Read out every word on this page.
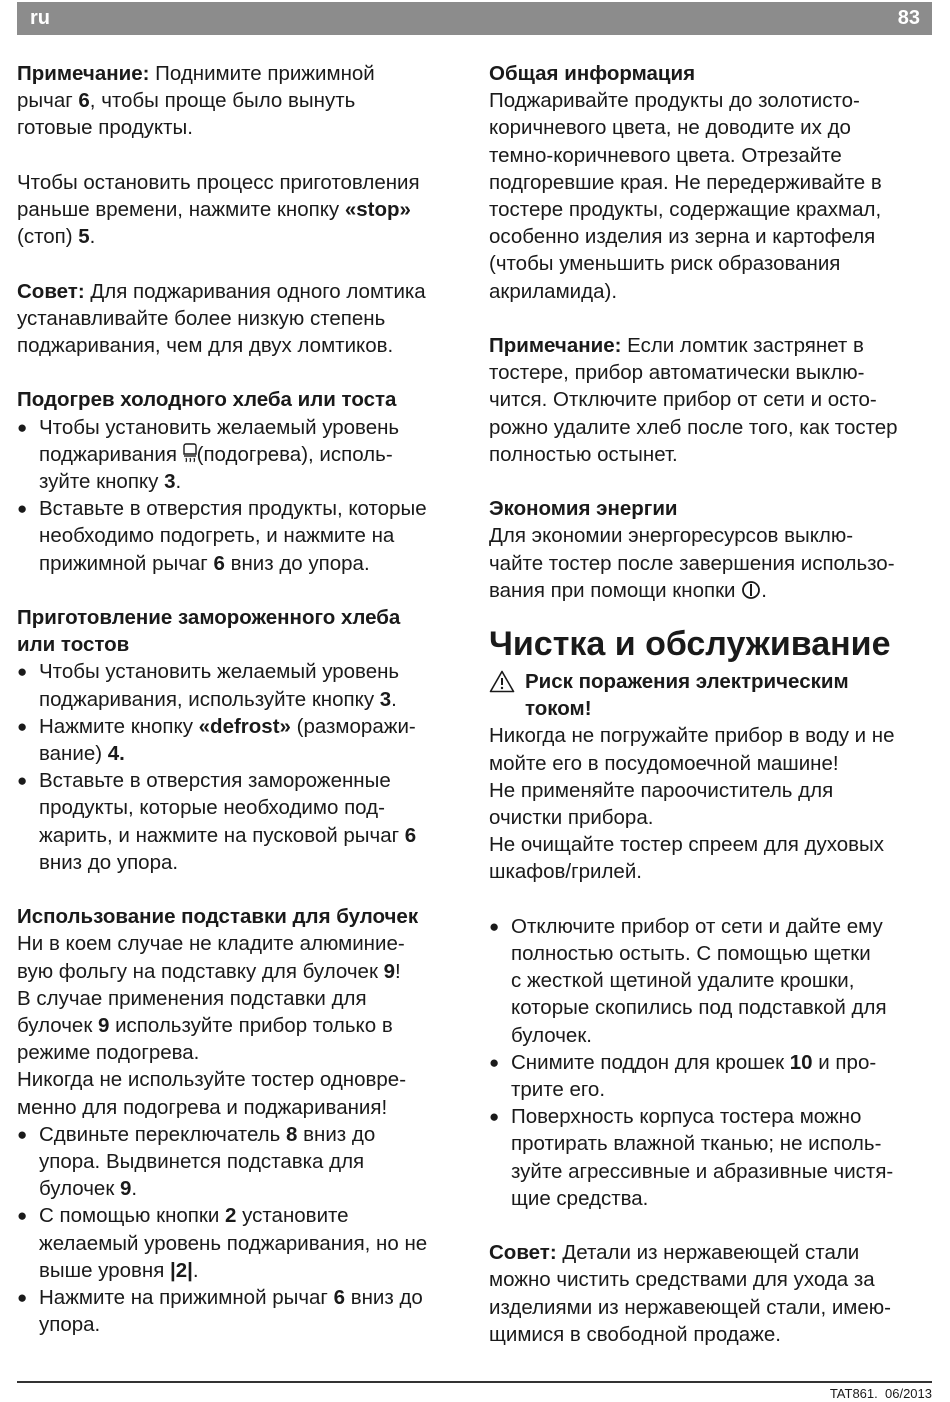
ru	83

Примечание: Поднимите прижимной
рычаг 6, чтобы проще было вынуть
готовые продукты.

Чтобы остановить процесс приготовления
раньше времени, нажмите кнопку «stop»
(стоп) 5.

Совет: Для поджаривания одного ломтика
устанавливайте более низкую степень
поджаривания, чем для двух ломтиков.

Подогрев холодного хлеба или тоста

● Чтобы установить желаемый уровень
поджаривания (подогрева), исполь-
зуйте кнопку 3.
● Вставьте в отверстия продукты, которые
необходимо подогреть, и нажмите на
прижимной рычаг 6 вниз до упора.

Приготовление замороженного хлеба
или тостов

● Чтобы установить желаемый уровень
поджаривания, используйте кнопку 3.
● Нажмите кнопку «defrost» (разморажи-
вание) 4.
● Вставьте в отверстия замороженные
продукты, которые необходимо под-
жарить, и нажмите на пусковой рычаг 6
вниз до упора.

Использование подставки для булочек

Ни в коем случае не кладите алюминие-
вую фольгу на подставку для булочек 9!
В случае применения подставки для
булочек 9 используйте прибор только в
режиме подогрева.
Никогда не используйте тостер одновре-
менно для подогрева и поджаривания!

● Сдвиньте переключатель 8 вниз до
упора. Выдвинется подставка для
булочек 9.
● С помощью кнопки 2 установите
желаемый уровень поджаривания, но не
выше уровня |2|.
● Нажмите на прижимной рычаг 6 вниз до
упора.

Общая информация

Поджаривайте продукты до золотисто-
коричневого цвета, не доводите их до
темно-коричневого цвета. Отрезайте
подгоревшие края. Не передерживайте в
тостере продукты, содержащие крахмал,
особенно изделия из зерна и картофеля
(чтобы уменьшить риск образования
акриламида).

Примечание: Если ломтик застрянет в
тостере, прибор автоматически выклю-
чится. Отключите прибор от сети и осто-
рожно удалите хлеб после того, как тостер
полностью остынет.

Экономия энергии

Для экономии энергоресурсов выклю-
чайте тостер после завершения использо-
вания при помощи кнопки .

Чистка и обслуживание

Риск поражения электрическим
током!

Никогда не погружайте прибор в воду и не
мойте его в посудомоечной машине!
Не применяйте пароочиститель для
очистки прибора.
Не очищайте тостер спреем для духовых
шкафов/грилей.

● Отключите прибор от сети и дайте ему
полностью остыть. С помощью щетки
с жесткой щетиной удалите крошки,
которые скопились под подставкой для
булочек.
● Снимите поддон для крошек 10 и про-
трите его.
● Поверхность корпуса тостера можно
протирать влажной тканью; не исполь-
зуйте агрессивные и абразивные чистя-
щие средства.

Совет: Детали из нержавеющей стали
можно чистить средствами для ухода за
изделиями из нержавеющей стали, имею-
щимися в свободной продаже.

TAT861. 06/2013
